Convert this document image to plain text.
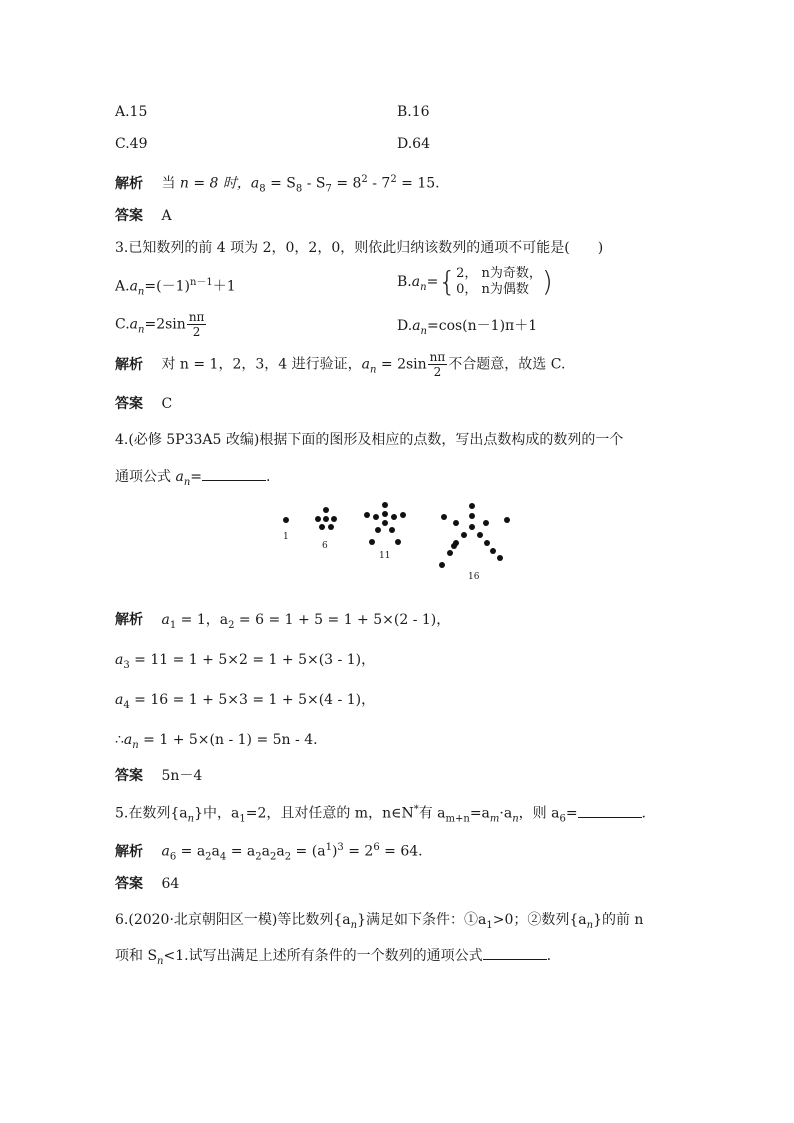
A.15	B.16
C.49	D.64
解析 当 n = 8 时，$a_8 = S_8 - S_7 = 8^2 - 7^2 = 15$.
答案 A
3.已知数列的前 4 项为 2，0，2，0，则依此归纳该数列的通项不可能是(　　)
$A.a_n=(-1)^{n-1}+1$	$B.a_n=\{2$， n为奇数，
0， n为偶数 )
$C.a_n=2\sin \frac{n\pi}{2}$	$D.a_n=\cos(n-1)\pi+1$
解析 对 n = 1，2，3，4 进行验证，$a_n = 2\sin \frac{n\pi}{2}$ 不合题意，故选 C.
答案 C
4.(必修 5P33A5 改编)根据下面的图形及相应的点数，写出点数构成的数列的一个
通项公式 $a_n=$	.
1
6
11
16
解析 $a_1 = 1$，$a_2 = 6 = 1 + 5 = 1 + 5\times(2 - 1)$，
$a_3 = 11 = 1 + 5\times 2 = 1 + 5\times(3 - 1)$，
$a_4 = 16 = 1 + 5\times 3 = 1 + 5\times(4 - 1)$，
$\therefore a_n = 1 + 5\times(n - 1) = 5n - 4$.
答案 5n－4
5.在数列$\{a_n\}$中，$a_1=2$，且对任意的 m，n∈N*有 $a_{m+n}=a_m\cdot a_n$，则 $a_6=$	.
解析 $a_6 = a_2a_4 = a_2a_2a_2 = (a^1)^3 = 2^6 = 64$.
答案 64
6.(2020·北京朝阳区一模)等比数列$\{a_n\}$满足如下条件：$①a_1>0$；②数列$\{a_n\}$的前 n
项和 $S_n<1$.试写出满足上述所有条件的一个数列的通项公式	.
